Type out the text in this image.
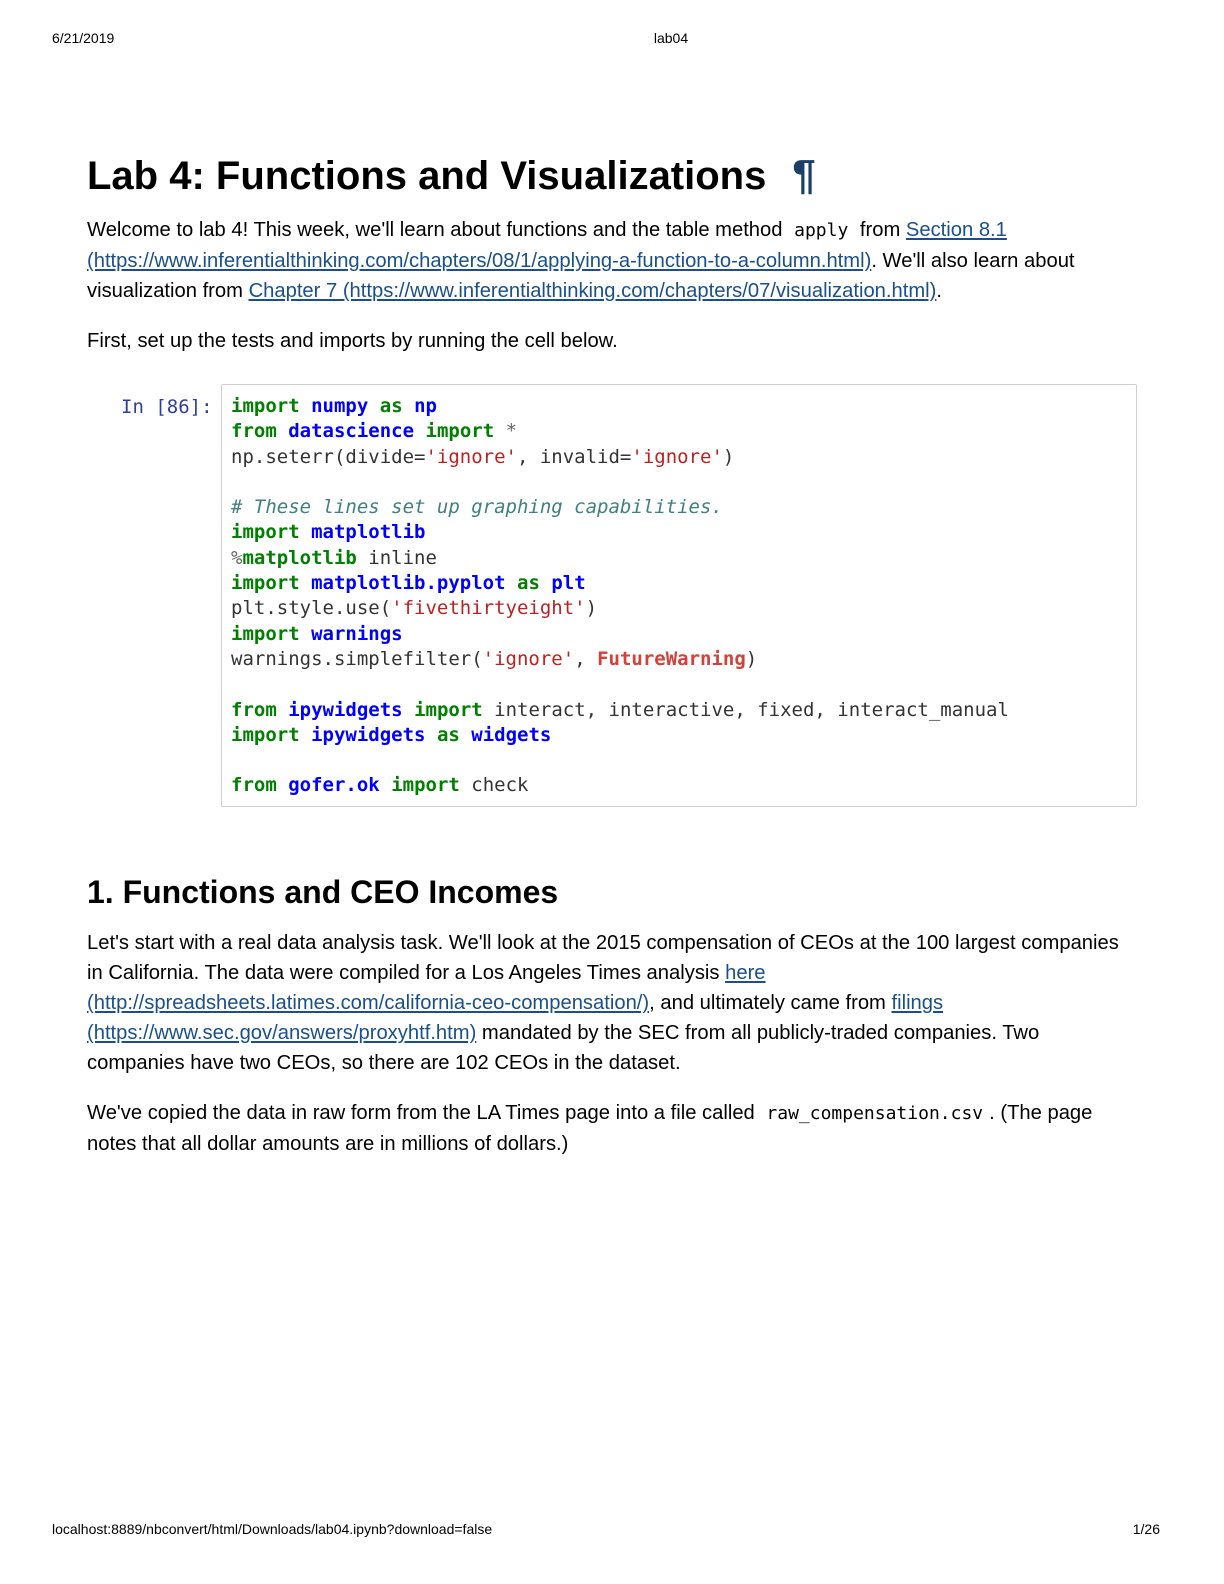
6/21/2019	lab04
Lab 4: Functions and Visualizations ¶

Welcome to lab 4! This week, we'll learn about functions and the table method apply from Section 8.1 (https://www.inferentialthinking.com/chapters/08/1/applying-a-function-to-a-column.html). We'll also learn about visualization from Chapter 7 (https://www.inferentialthinking.com/chapters/07/visualization.html).

First, set up the tests and imports by running the cell below.

In [86]: import numpy as np
from datascience import *
np.seterr(divide='ignore', invalid='ignore')

# These lines set up graphing capabilities.
import matplotlib
%matplotlib inline
import matplotlib.pyplot as plt
plt.style.use('fivethirtyeight')
import warnings
warnings.simplefilter('ignore', FutureWarning)

from ipywidgets import interact, interactive, fixed, interact_manual
import ipywidgets as widgets

from gofer.ok import check
1. Functions and CEO Incomes

Let's start with a real data analysis task. We'll look at the 2015 compensation of CEOs at the 100 largest companies in California. The data were compiled for a Los Angeles Times analysis here (http://spreadsheets.latimes.com/california-ceo-compensation/), and ultimately came from filings (https://www.sec.gov/answers/proxyhtf.htm) mandated by the SEC from all publicly-traded companies. Two companies have two CEOs, so there are 102 CEOs in the dataset.

We've copied the data in raw form from the LA Times page into a file called raw_compensation.csv . (The page notes that all dollar amounts are in millions of dollars.)

localhost:8889/nbconvert/html/Downloads/lab04.ipynb?download=false	1/26
